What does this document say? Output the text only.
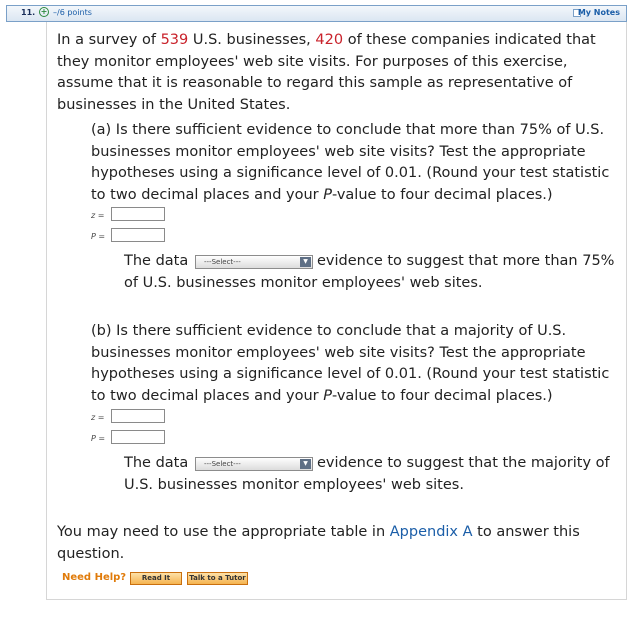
11. + –/6 points	My Notes
In a survey of 539 U.S. businesses, 420 of these companies indicated that
they monitor employees' web site visits. For purposes of this exercise,
assume that it is reasonable to regard this sample as representative of
businesses in the United States.
(a) Is there sufficient evidence to conclude that more than 75% of U.S.
businesses monitor employees' web site visits? Test the appropriate
hypotheses using a significance level of 0.01. (Round your test statistic
to two decimal places and your P-value to four decimal places.)
z =
P =
The data ---Select---	▼ evidence to suggest that more than 75%
of U.S. businesses monitor employees' web sites.
(b) Is there sufficient evidence to conclude that a majority of U.S.
businesses monitor employees' web site visits? Test the appropriate
hypotheses using a significance level of 0.01. (Round your test statistic
to two decimal places and your P-value to four decimal places.)
z =
P =
The data ---Select---	▼ evidence to suggest that the majority of
U.S. businesses monitor employees' web sites.
You may need to use the appropriate table in Appendix A to answer this
question.
Need Help?	Read It	Talk to a Tutor
